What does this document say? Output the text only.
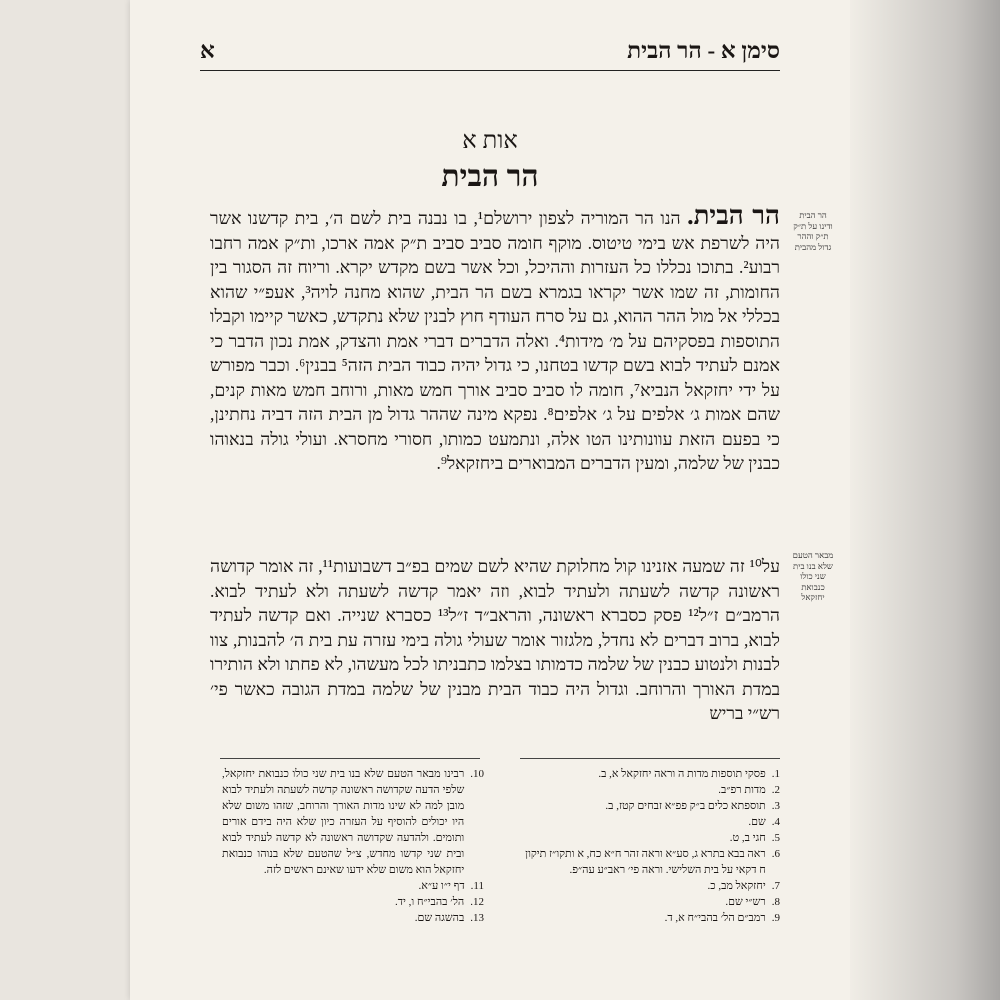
סימן א - הר הבית
א
אות א
הר הבית
הר הבית. הנו הר המוריה לצפון ירושלם¹, בו נבנה בית לשם ה׳, בית קדשנו אשר היה לשרפת אש בימי טיטוס. מוקף חומה סביב סביב ת״ק אמה ארכו, ות״ק אמה רחבו רבוע². בתוכו נכללו כל העזרות וההיכל, וכל אשר בשם מקדש יקרא. וריוח זה הסגור בין החומות, זה שמו אשר יקראו בגמרא בשם הר הבית, שהוא מחנה לויה³, אעפ״י שהוא בכללי אל מול ההר ההוא, גם על סרח העודף חוץ לבנין שלא נתקדש, כאשר קיימו וקבלו התוספות בפסקיהם על מ׳ מידות⁴. ואלה הדברים דברי אמת והצדק, אמת נכון הדבר כי אמנם לעתיד לבוא בשם קדשו בטחנו, כי גדול יהיה כבוד הבית הזה⁵ בבנין⁶. וכבר מפורש על ידי יחזקאל הנביא⁷, חומה לו סביב סביב אורך חמש מאות, ורוחב חמש מאות קנים, שהם אמות ג׳ אלפים על ג׳ אלפים⁸. נפקא מינה שההר גדול מן הבית הזה דביה נחתינן, כי בפעם הזאת עוונותינו הטו אלה, ונתמעט כמותו, חסורי מחסרא. ועולי גולה בנאוהו כבנין של שלמה, ומעין הדברים המבוארים ביחזקאל⁹.
על¹⁰ זה שמעה אזנינו קול מחלוקת שהיא לשם שמים בפ״ב דשבועות¹¹, זה אומר קדושה ראשונה קדשה לשעתה ולעתיד לבוא, וזה יאמר קדשה לשעתה ולא לעתיד לבוא. הרמב״ם ז״ל¹² פסק כסברא ראשונה, והראב״ד ז״ל¹³ כסברא שנייה. ואם קדשה לעתיד לבוא, ברוב דברים לא נחדל, מלגזור אומר שעולי גולה בימי עזרה עת בית ה׳ להבנות, צוו לבנות ולנטוע כבנין של שלמה כדמותו בצלמו כתבניתו לכל מעשהו, לא פחתו ולא הותירו במדת האורך והרוחב. וגדול היה כבוד הבית מבנין של שלמה במדת הגובה כאשר פי׳ רש״י בריש
הר הבית ודינו על ת״ק ת״ק וההר גדול מהבית
מבאר הטעם שלא בנו בית שני כולו כנבואת יחזקאל
1.
פסקי תוספות מדות ה וראה יחזקאל א, ב.
2.
מדות רפ״ב.
3.
תוספתא כלים ב״ק פפ״א זבחים קטז, ב.
4.
שם.
5.
חגי ב, ט.
6.
ראה בבא בתרא ג, סע״א וראה זהר ח״א כח, א ותקו״ז תיקון ח דקאי על בית השלישי. וראה פי׳ ראב״ע עה״פ.
7.
יחזקאל מב, כ.
8.
רש״י שם.
9.
רמב״ם הל׳ בהבי״ח א, ד.
10.
רבינו מבאר הטעם שלא בנו בית שני כולו כנבואת יחזקאל, שלפי הדעה שקדושה ראשונה קדשה לשעתה ולעתיד לבוא מובן למה לא שינו מדות האורך והרוחב, שזהו משום שלא היו יכולים להוסיף על העזרה כיון שלא היה בידם אורים ותומים. ולהדעה שקדושה ראשונה לא קדשה לעתיד לבוא ובית שני קדשו מחדש, צ״ל שהטעם שלא בנוהו כנבואת יחזקאל הוא משום שלא ידעו שאינם ראשים לזה.
11.
דף י״ו ע״א.
12.
הל׳ בהבי״ח ו, יד.
13.
בהשגה שם.
